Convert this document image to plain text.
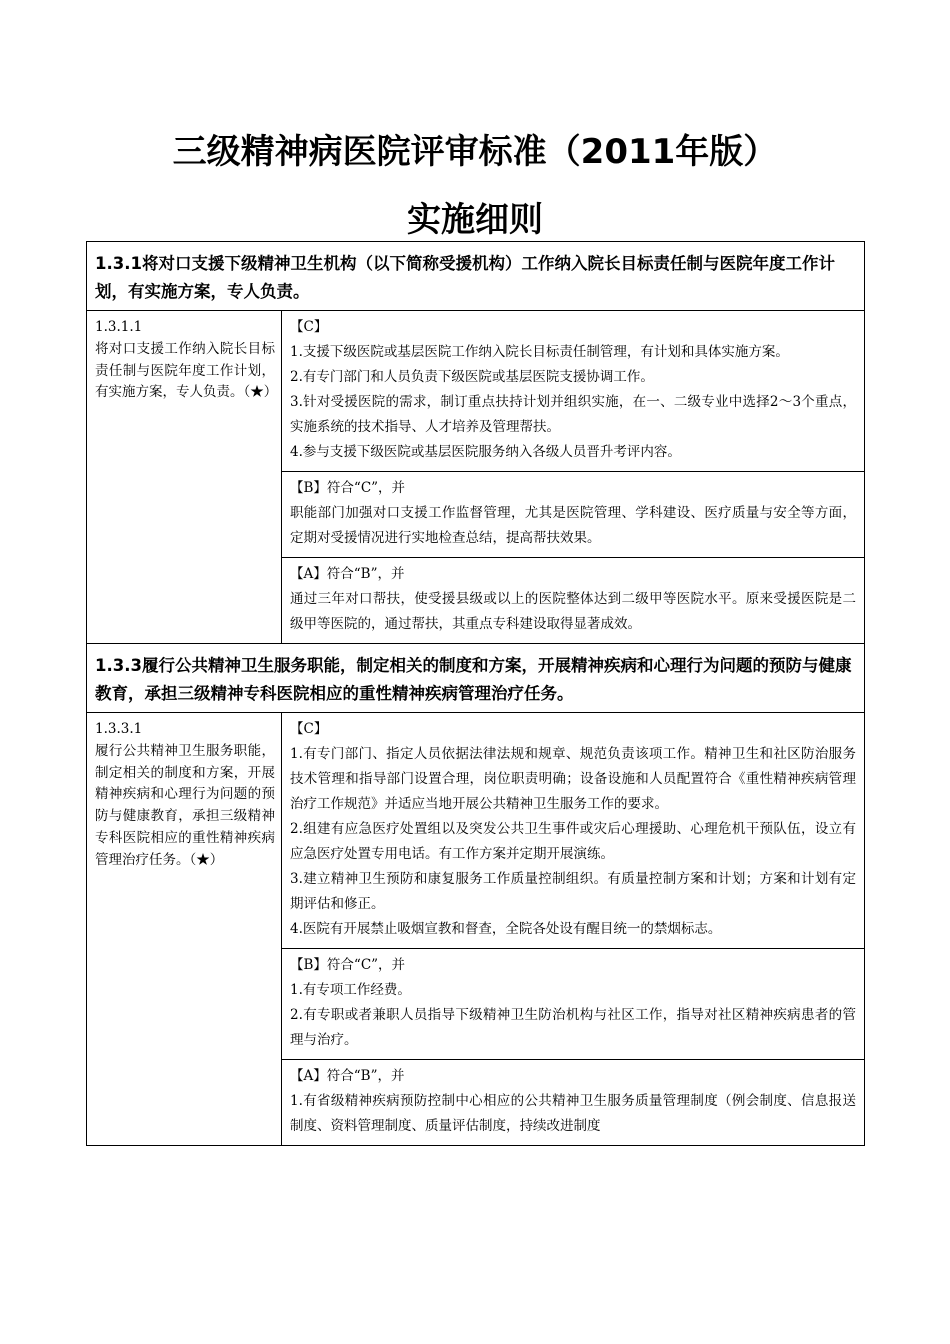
三级精神病医院评审标准（2011年版）
实施细则
1.3.1将对口支援下级精神卫生机构（以下简称受援机构）工作纳入院长目标责任制与医院年度工作计划，有实施方案，专人负责。	

1.3.1.1
将对口支援工作纳入院长目标责任制与医院年度工作计划，有实施方案，专人负责。（★）	【C】
1.支援下级医院或基层医院工作纳入院长目标责任制管理，有计划和具体实施方案。
2.有专门部门和人员负责下级医院或基层医院支援协调工作。
3.针对受援医院的需求，制订重点扶持计划并组织实施，在一、二级专业中选择2～3个重点，实施系统的技术指导、人才培养及管理帮扶。
4.参与支援下级医院或基层医院服务纳入各级人员晋升考评内容。

	【B】符合“C”，并
职能部门加强对口支援工作监督管理，尤其是医院管理、学科建设、医疗质量与安全等方面，定期对受援情况进行实地检查总结，提高帮扶效果。

	【A】符合“B”，并
通过三年对口帮扶，使受援县级或以上的医院整体达到二级甲等医院水平。原来受援医院是二级甲等医院的，通过帮扶，其重点专科建设取得显著成效。

1.3.3履行公共精神卫生服务职能，制定相关的制度和方案，开展精神疾病和心理行为问题的预防与健康教育，承担三级精神专科医院相应的重性精神疾病管理治疗任务。	

1.3.3.1
履行公共精神卫生服务职能，制定相关的制度和方案，开展精神疾病和心理行为问题的预防与健康教育，承担三级精神专科医院相应的重性精神疾病管理治疗任务。（★）	【C】
1.有专门部门、指定人员依据法律法规和规章、规范负责该项工作。精神卫生和社区防治服务技术管理和指导部门设置合理，岗位职责明确；设备设施和人员配置符合《重性精神疾病管理治疗工作规范》并适应当地开展公共精神卫生服务工作的要求。
2.组建有应急医疗处置组以及突发公共卫生事件或灾后心理援助、心理危机干预队伍，设立有应急医疗处置专用电话。有工作方案并定期开展演练。
3.建立精神卫生预防和康复服务工作质量控制组织。有质量控制方案和计划；方案和计划有定期评估和修正。
4.医院有开展禁止吸烟宣教和督查，全院各处设有醒目统一的禁烟标志。

	【B】符合“C”，并
1.有专项工作经费。
2.有专职或者兼职人员指导下级精神卫生防治机构与社区工作，指导对社区精神疾病患者的管理与治疗。

	【A】符合“B”，并
1.有省级精神疾病预防控制中心相应的公共精神卫生服务质量管理制度（例会制度、信息报送制度、资料管理制度、质量评估制度，持续改进制度
